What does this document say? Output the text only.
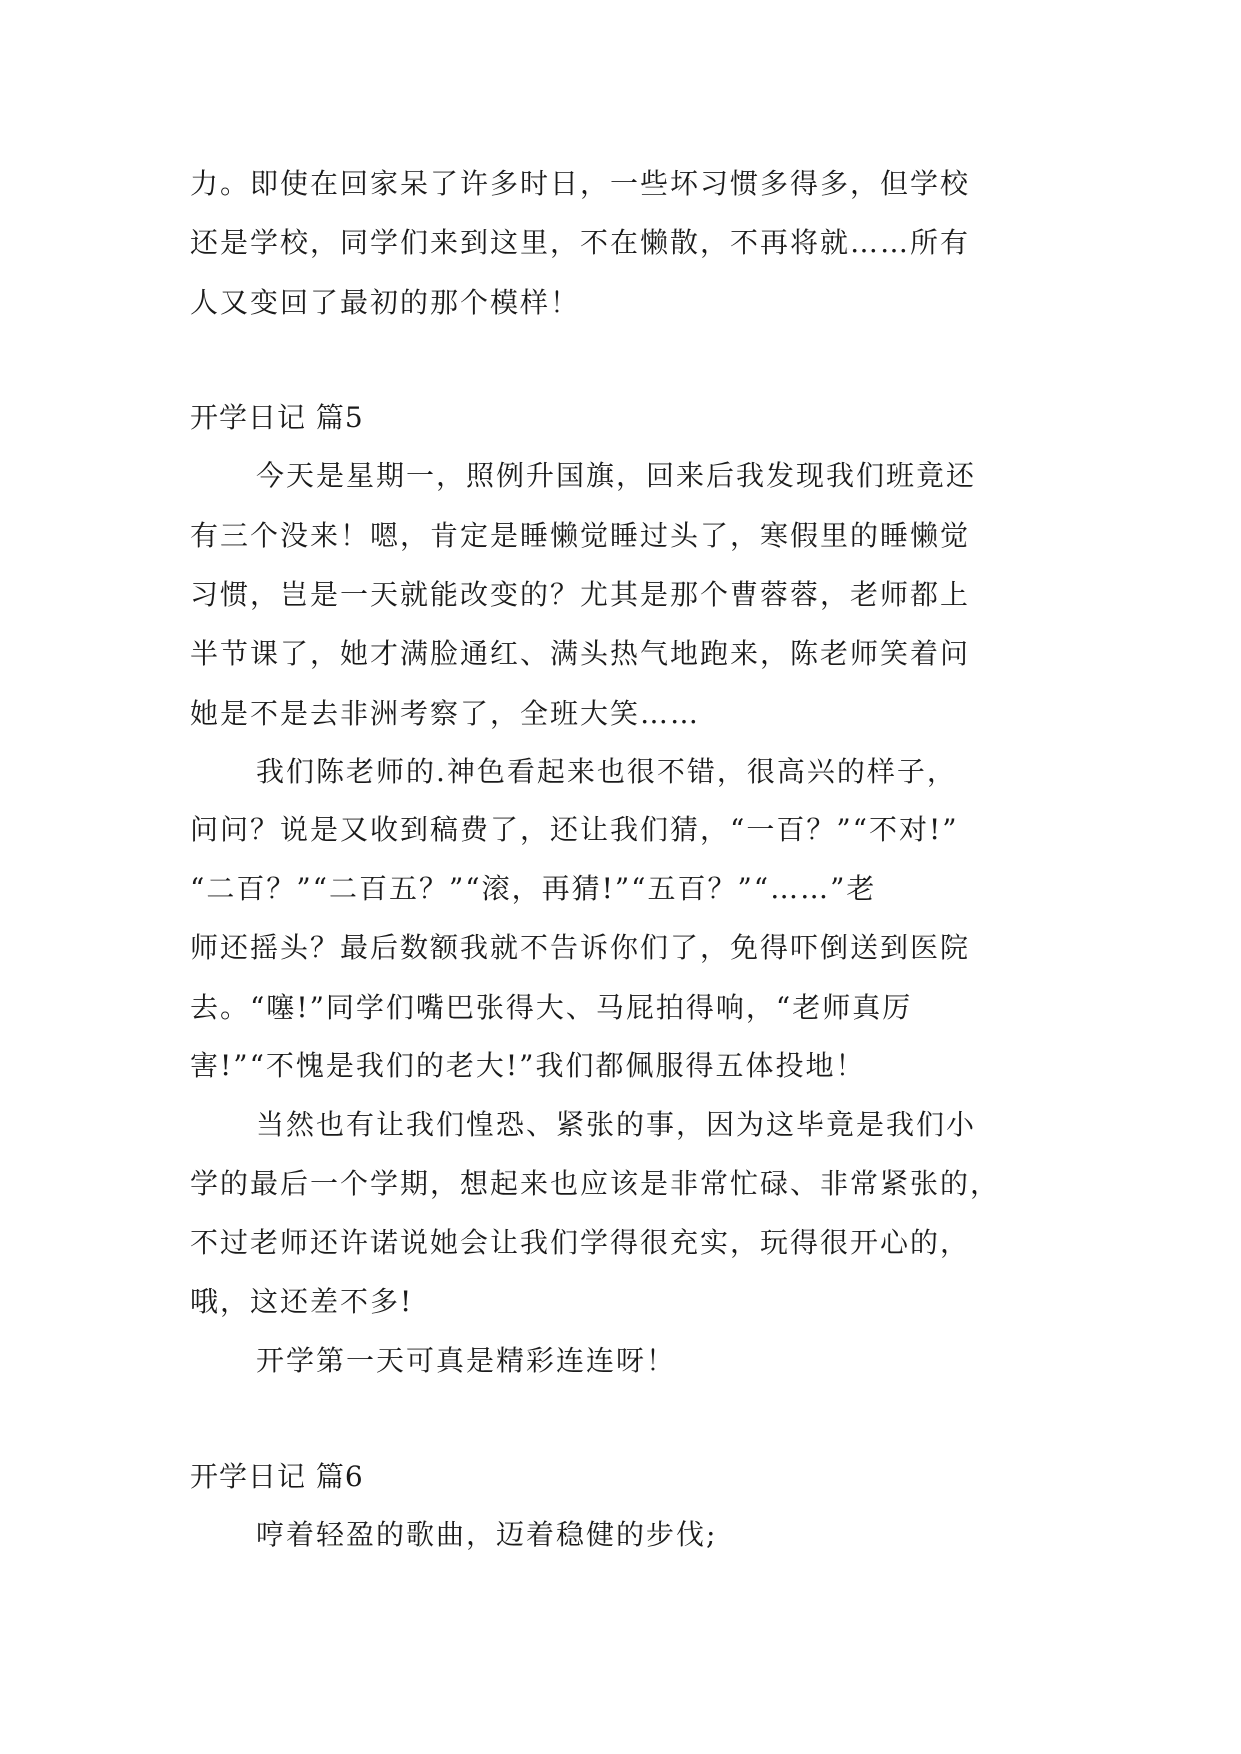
力。即使在回家呆了许多时日，一些坏习惯多得多，但学校
还是学校，同学们来到这里，不在懒散，不再将就……所有
人又变回了最初的那个模样！
开学日记 篇5
今天是星期一，照例升国旗，回来后我发现我们班竟还
有三个没来！嗯，肯定是睡懒觉睡过头了，寒假里的睡懒觉
习惯，岂是一天就能改变的？尤其是那个曹蓉蓉，老师都上
半节课了，她才满脸通红、满头热气地跑来，陈老师笑着问
她是不是去非洲考察了，全班大笑……
我们陈老师的.神色看起来也很不错，很高兴的样子，
问问？说是又收到稿费了，还让我们猜，“一百？”“不对!”
“二百？”“二百五？”“滚，再猜!”“五百？”“……”老
师还摇头？最后数额我就不告诉你们了，免得吓倒送到医院
去。“噻!”同学们嘴巴张得大、马屁拍得响，“老师真厉
害!”“不愧是我们的老大!”我们都佩服得五体投地！
当然也有让我们惶恐、紧张的事，因为这毕竟是我们小
学的最后一个学期，想起来也应该是非常忙碌、非常紧张的，
不过老师还许诺说她会让我们学得很充实，玩得很开心的，
哦，这还差不多!
开学第一天可真是精彩连连呀！
开学日记 篇6
哼着轻盈的歌曲，迈着稳健的步伐;
